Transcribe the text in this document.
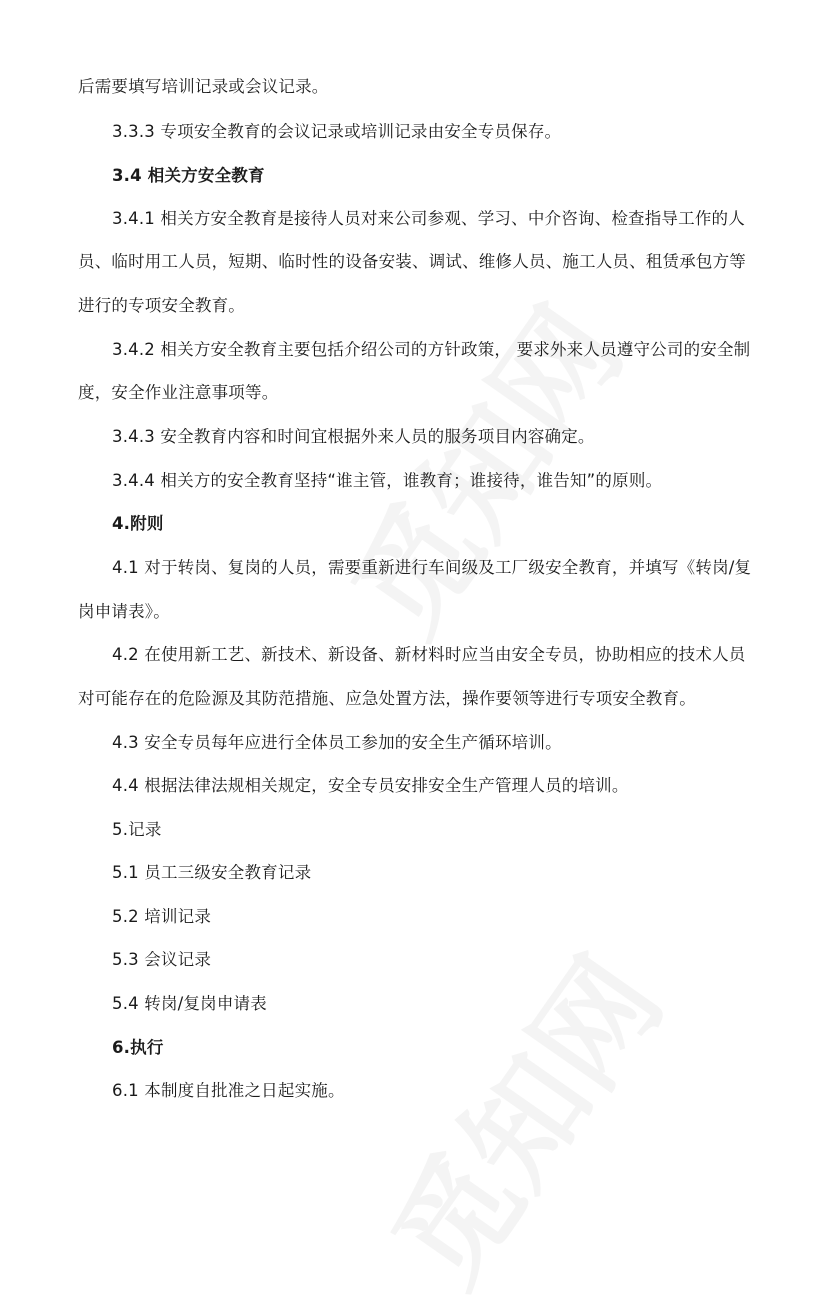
后需要填写培训记录或会议记录。
3.3.3 专项安全教育的会议记录或培训记录由安全专员保存。
3.4 相关方安全教育
3.4.1 相关方安全教育是接待人员对来公司参观、学习、中介咨询、检查指导工作的人
员、临时用工人员，短期、临时性的设备安装、调试、维修人员、施工人员、租赁承包方等
进行的专项安全教育。
3.4.2 相关方安全教育主要包括介绍公司的方针政策， 要求外来人员遵守公司的安全制
度，安全作业注意事项等。
3.4.3 安全教育内容和时间宜根据外来人员的服务项目内容确定。
3.4.4 相关方的安全教育坚持“谁主管，谁教育；谁接待，谁告知”的原则。
4.附则
4.1 对于转岗、复岗的人员，需要重新进行车间级及工厂级安全教育，并填写《转岗/复
岗申请表》。
4.2 在使用新工艺、新技术、新设备、新材料时应当由安全专员，协助相应的技术人员
对可能存在的危险源及其防范措施、应急处置方法，操作要领等进行专项安全教育。
4.3 安全专员每年应进行全体员工参加的安全生产循环培训。
4.4 根据法律法规相关规定，安全专员安排安全生产管理人员的培训。
5.记录
5.1 员工三级安全教育记录
5.2 培训记录
5.3 会议记录
5.4 转岗/复岗申请表
6.执行
6.1 本制度自批准之日起实施。
